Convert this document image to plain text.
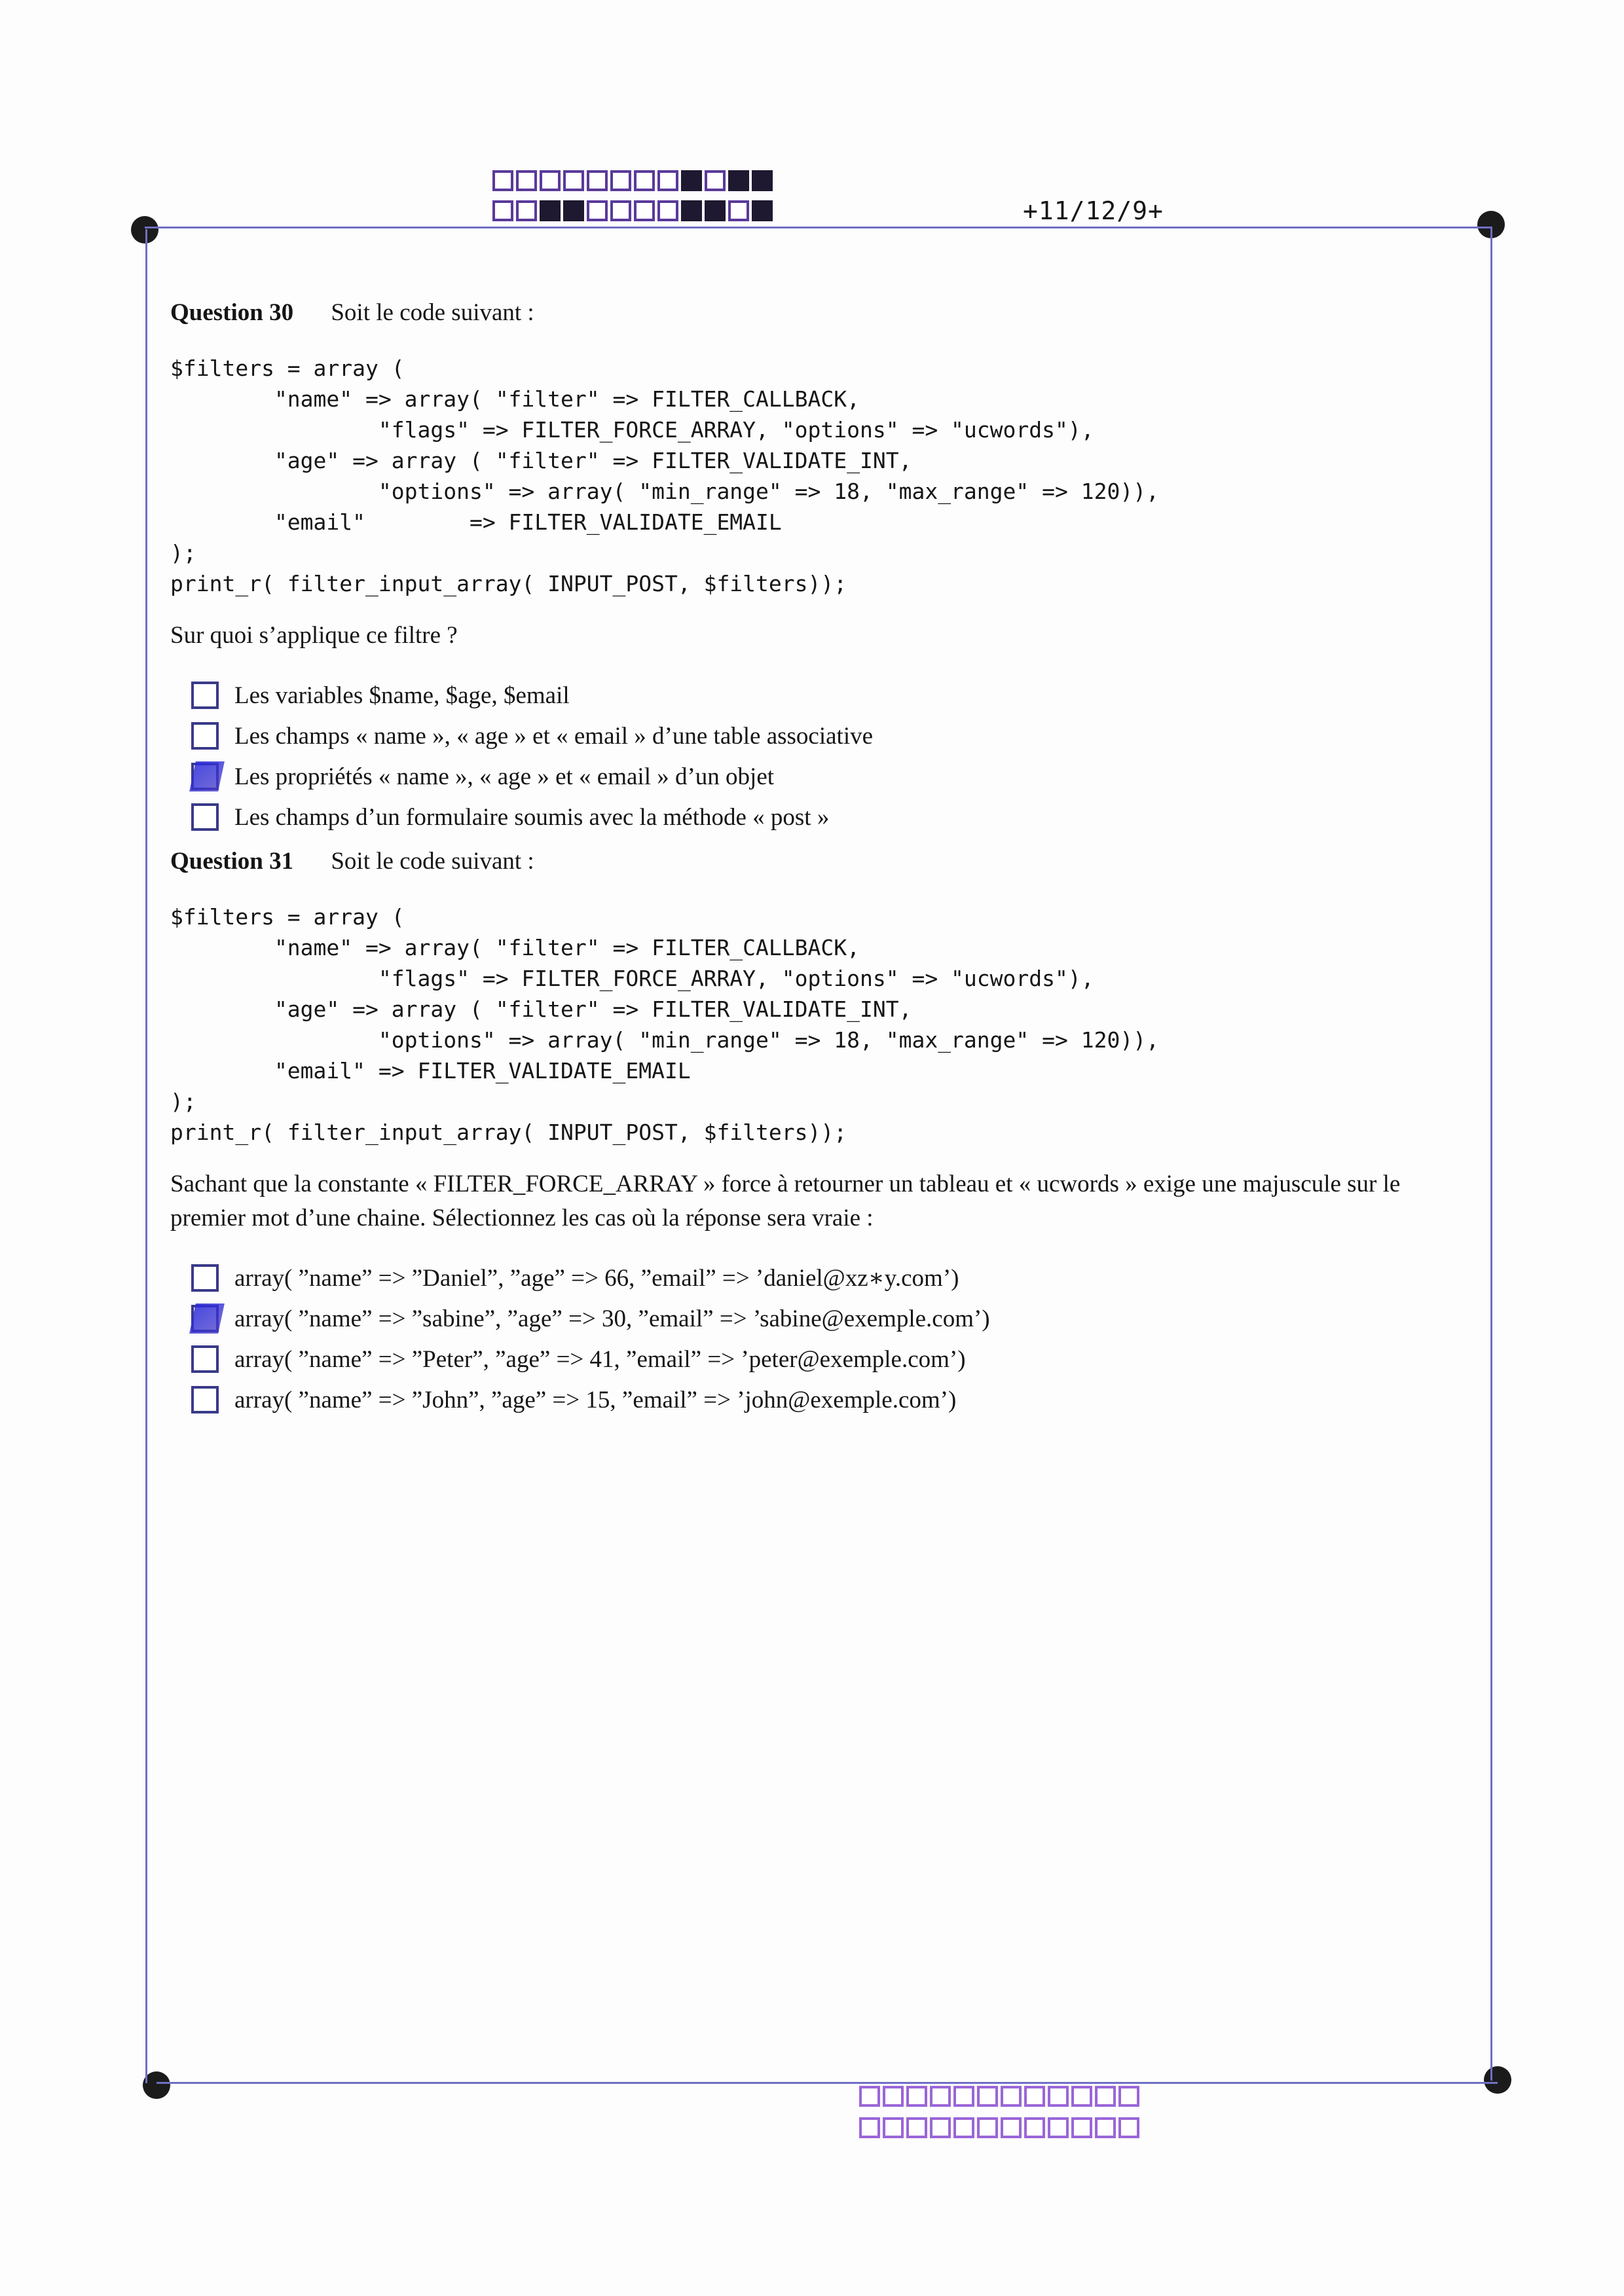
+11/12/9+
Question 30 Soit le code suivant :
$filters = array (
"name" => array( "filter" => FILTER_CALLBACK,
"flags" => FILTER_FORCE_ARRAY, "options" => "ucwords"),
"age" => array ( "filter" => FILTER_VALIDATE_INT,
"options" => array( "min_range" => 18, "max_range" => 120)),
"email"        => FILTER_VALIDATE_EMAIL
);
print_r( filter_input_array( INPUT_POST, $filters));
Sur quoi s’applique ce filtre ?
Les variables $name, $age, $email
Les champs « name », « age » et « email » d’une table associative
Les propriétés « name », « age » et « email » d’un objet
Les champs d’un formulaire soumis avec la méthode « post »
Question 31 Soit le code suivant :
$filters = array (
"name" => array( "filter" => FILTER_CALLBACK,
"flags" => FILTER_FORCE_ARRAY, "options" => "ucwords"),
"age" => array ( "filter" => FILTER_VALIDATE_INT,
"options" => array( "min_range" => 18, "max_range" => 120)),
"email" => FILTER_VALIDATE_EMAIL
);
print_r( filter_input_array( INPUT_POST, $filters));
Sachant que la constante « FILTER_FORCE_ARRAY » force à retourner un tableau et « ucwords » exige une majuscule sur le premier mot d’une chaine. Sélectionnez les cas où la réponse sera vraie :
array( ”name” => ”Daniel”, ”age” => 66, ”email” => ’daniel@xz∗y.com’)
array( ”name” => ”sabine”, ”age” => 30, ”email” => ’sabine@exemple.com’)
array( ”name” => ”Peter”, ”age” => 41, ”email” => ’peter@exemple.com’)
array( ”name” => ”John”, ”age” => 15, ”email” => ’john@exemple.com’)
